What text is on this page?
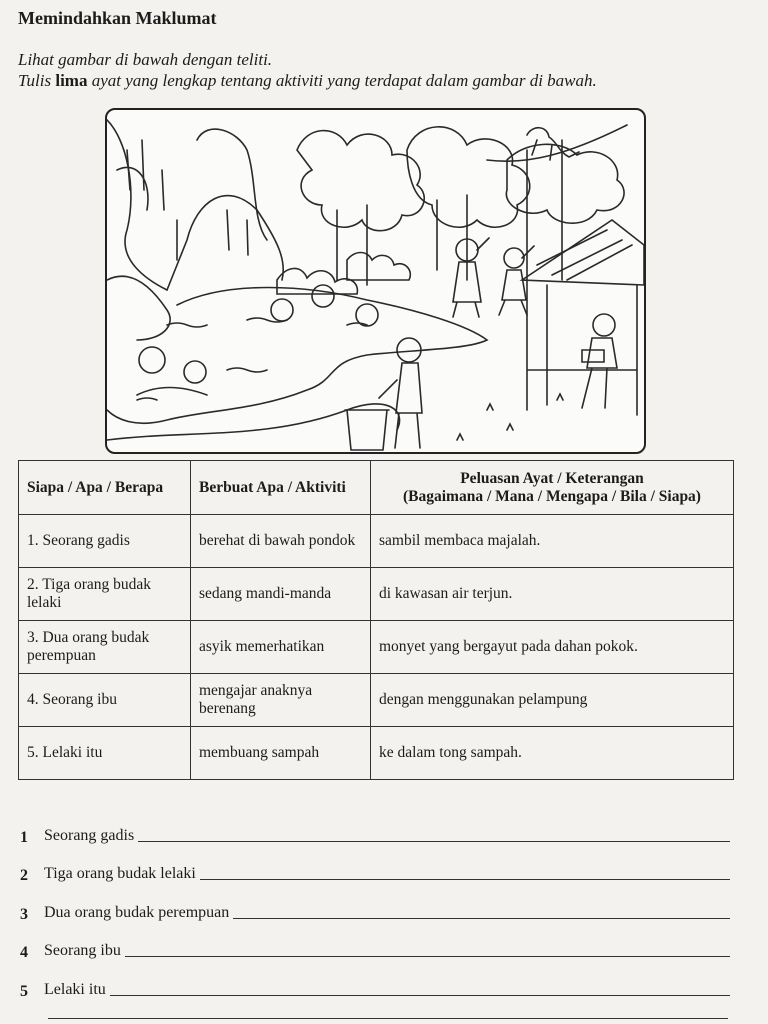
Memindahkan Maklumat
Lihat gambar di bawah dengan teliti.
Tulis lima ayat yang lengkap tentang aktiviti yang terdapat dalam gambar di bawah.
Siapa / Apa / Berapa	Berbuat Apa / Aktiviti	Peluasan Ayat / Keterangan
(Bagaimana / Mana / Mengapa / Bila / Siapa)

1. Seorang gadis	berehat di bawah pondok	sambil membaca majalah.
2. Tiga orang budak lelaki	sedang mandi-manda	di kawasan air terjun.
3. Dua orang budak perempuan	asyik memerhatikan	monyet yang bergayut pada dahan pokok.
4. Seorang ibu	mengajar anaknya berenang	dengan menggunakan pelampung
5. Lelaki itu	membuang sampah	ke dalam tong sampah.
1	Seorang gadis
2	Tiga orang budak lelaki
3	Dua orang budak perempuan
4	Seorang ibu
5	Lelaki itu
